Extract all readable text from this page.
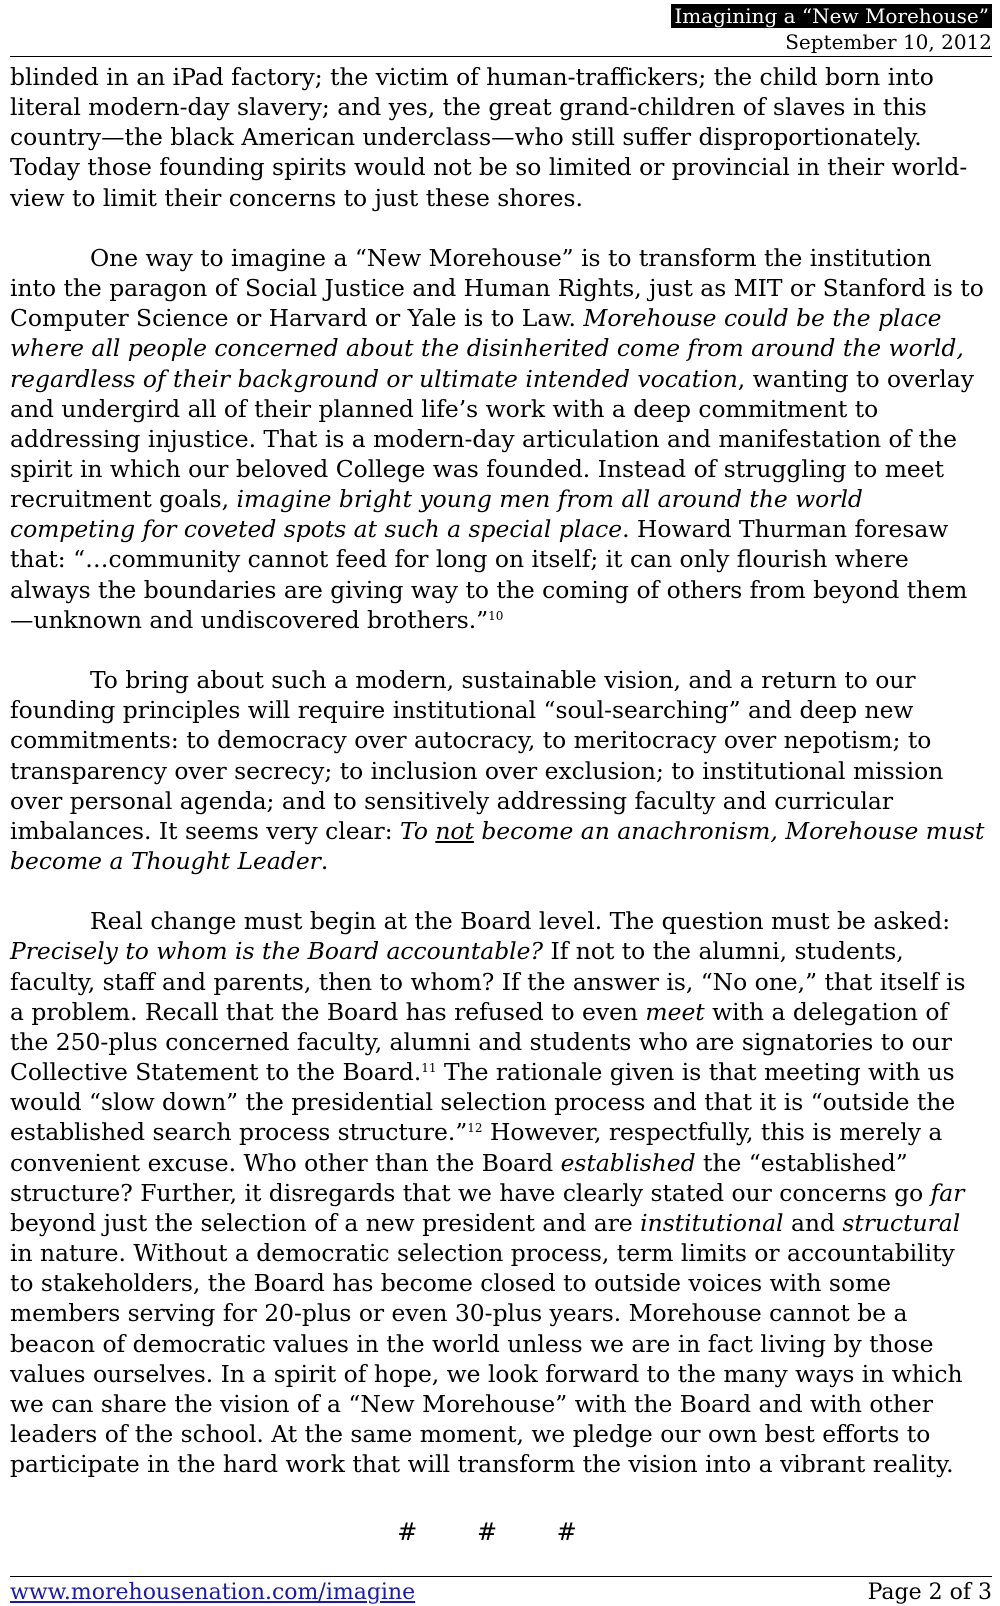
Imagining a “New Morehouse”
September 10, 2012

blinded in an iPad factory; the victim of human-traffickers; the child born into literal modern-day slavery; and yes, the great grand-children of slaves in this country—the black American underclass—who still suffer disproportionately. Today those founding spirits would not be so limited or provincial in their world-view to limit their concerns to just these shores.

One way to imagine a “New Morehouse” is to transform the institution into the paragon of Social Justice and Human Rights, just as MIT or Stanford is to Computer Science or Harvard or Yale is to Law. Morehouse could be the place where all people concerned about the disinherited come from around the world, regardless of their background or ultimate intended vocation, wanting to overlay and undergird all of their planned life’s work with a deep commitment to addressing injustice. That is a modern-day articulation and manifestation of the spirit in which our beloved College was founded. Instead of struggling to meet recruitment goals, imagine bright young men from all around the world competing for coveted spots at such a special place. Howard Thurman foresaw that: “…community cannot feed for long on itself; it can only flourish where always the boundaries are giving way to the coming of others from beyond them—unknown and undiscovered brothers.”$^{10}$

To bring about such a modern, sustainable vision, and a return to our founding principles will require institutional “soul-searching” and deep new commitments: to democracy over autocracy, to meritocracy over nepotism; to transparency over secrecy; to inclusion over exclusion; to institutional mission over personal agenda; and to sensitively addressing faculty and curricular imbalances. It seems very clear: To not become an anachronism, Morehouse must become a Thought Leader.

Real change must begin at the Board level. The question must be asked: Precisely to whom is the Board accountable? If not to the alumni, students, faculty, staff and parents, then to whom? If the answer is, “No one,” that itself is a problem. Recall that the Board has refused to even meet with a delegation of the 250-plus concerned faculty, alumni and students who are signatories to our Collective Statement to the Board.$^{11}$ The rationale given is that meeting with us would “slow down” the presidential selection process and that it is “outside the established search process structure.”$^{12}$ However, respectfully, this is merely a convenient excuse. Who other than the Board established the “established” structure? Further, it disregards that we have clearly stated our concerns go far beyond just the selection of a new president and are institutional and structural in nature. Without a democratic selection process, term limits or accountability to stakeholders, the Board has become closed to outside voices with some members serving for 20-plus or even 30-plus years. Morehouse cannot be a beacon of democratic values in the world unless we are in fact living by those values ourselves. In a spirit of hope, we look forward to the many ways in which we can share the vision of a “New Morehouse” with the Board and with other leaders of the school. At the same moment, we pledge our own best efforts to participate in the hard work that will transform the vision into a vibrant reality.

# # #
www.morehousenation.com/imagine	Page 2 of 3
